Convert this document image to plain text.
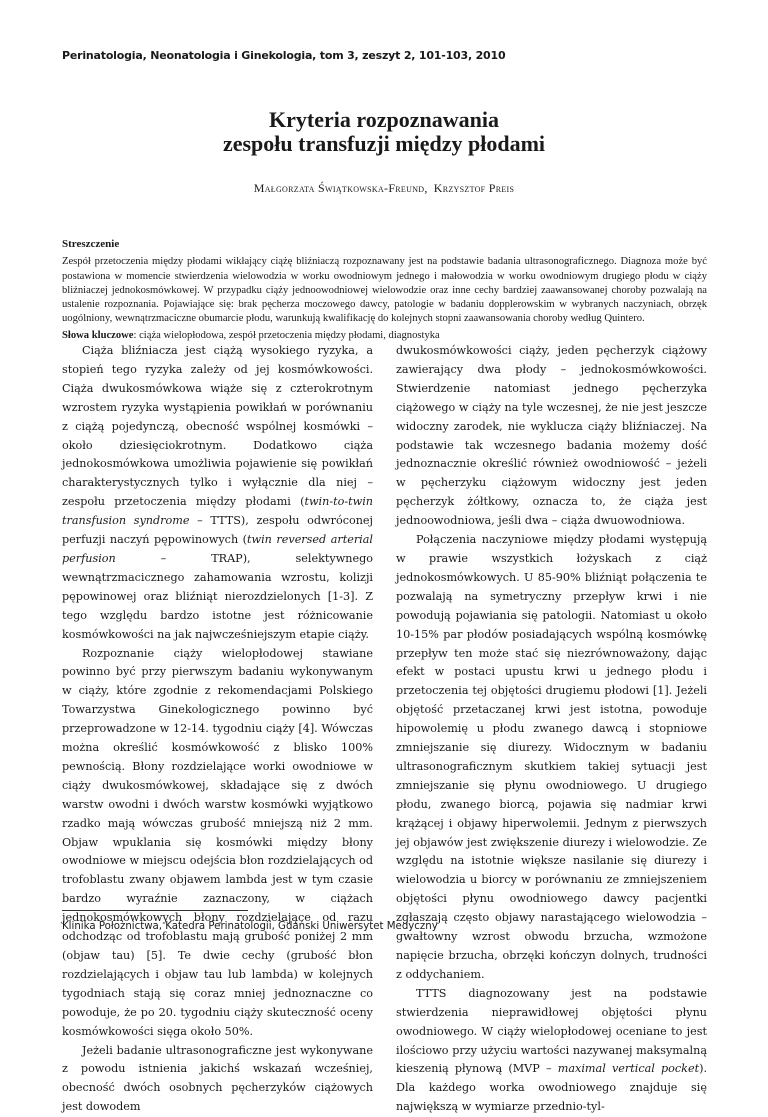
Perinatologia, Neonatologia i Ginekologia, tom 3, zeszyt 2, 101-103, 2010
Kryteria rozpoznawania
zespołu transfuzji między płodami
Małgorzata Świątkowska-Freund, Krzysztof Preis
Streszczenie

Zespół przetoczenia między płodami wikłający ciążę bliźniaczą rozpoznawany jest na podstawie badania ultrasonograficznego. Diagnoza może być postawiona w momencie stwierdzenia wielowodzia w worku owodniowym jednego i małowodzia w worku owodniowym drugiego płodu w ciąży bliźniaczej jednokosmówkowej. W przypadku ciąży jednoowodniowej wielowodzie oraz inne cechy bardziej zaawansowanej choroby pozwalają na ustalenie rozpoznania. Pojawiające się: brak pęcherza moczowego dawcy, patologie w badaniu dopplerowskim w wybranych naczyniach, obrzęk uogólniony, wewnątrzmaciczne obumarcie płodu, warunkują kwalifikację do kolejnych stopni zaawansowania choroby według Quintero.

Słowa kluczowe: ciąża wielopłodowa, zespół przetoczenia między płodami, diagnostyka

Ciąża bliźniacza jest ciążą wysokiego ryzyka, a stopień tego ryzyka zależy od jej kosmówkowości. Ciąża dwukosmówkowa wiąże się z czterokrotnym wzrostem ryzyka wystąpienia powikłań w porównaniu z ciążą pojedynczą, obecność wspólnej kosmówki – około dziesięciokrotnym. Dodatkowo ciąża jednokosmówkowa umożliwia pojawienie się powikłań charakterystycznych tylko i wyłącznie dla niej – zespołu przetoczenia między płodami (twin-to-twin transfusion syndrome – TTTS), zespołu odwróconej perfuzji naczyń pępowinowych (twin reversed arterial perfusion – TRAP), selektywnego wewnątrzmacicznego zahamowania wzrostu, kolizji pępowinowej oraz bliźniąt nierozdzielonych [1-3]. Z tego względu bardzo istotne jest różnicowanie kosmówkowości na jak najwcześniejszym etapie ciąży.

Rozpoznanie ciąży wielopłodowej stawiane powinno być przy pierwszym badaniu wykonywanym w ciąży, które zgodnie z rekomendacjami Polskiego Towarzystwa Ginekologicznego powinno być przeprowadzone w 12-14. tygodniu ciąży [4]. Wówczas można określić kosmówkowość z blisko 100% pewnością. Błony rozdzielające worki owodniowe w ciąży dwukosmówkowej, składające się z dwóch warstw owodni i dwóch warstw kosmówki wyjątkowo rzadko mają wówczas grubość mniejszą niż 2 mm. Objaw wpuklania się kosmówki między błony owodniowe w miejscu odejścia błon rozdzielających od trofoblastu zwany objawem lambda jest w tym czasie bardzo wyraźnie zaznaczony, w ciążach jednokosmówkowych błony rozdzielające od razu odchodząc od trofoblastu mają grubość poniżej 2 mm (objaw tau) [5]. Te dwie cechy (grubość błon rozdzielających i objaw tau lub lambda) w kolejnych tygodniach stają się coraz mniej jednoznaczne co powoduje, że po 20. tygodniu ciąży skuteczność oceny kosmówkowości sięga około 50%.

Jeżeli badanie ultrasonograficzne jest wykonywane z powodu istnienia jakichś wskazań wcześniej, obecność dwóch osobnych pęcherzyków ciążowych jest dowodem

dwukosmówkowości ciąży, jeden pęcherzyk ciążowy zawierający dwa płody – jednokosmówkowości. Stwierdzenie natomiast jednego pęcherzyka ciążowego w ciąży na tyle wczesnej, że nie jest jeszcze widoczny zarodek, nie wyklucza ciąży bliźniaczej. Na podstawie tak wczesnego badania możemy dość jednoznacznie określić również owodniowość – jeżeli w pęcherzyku ciążowym widoczny jest jeden pęcherzyk żółtkowy, oznacza to, że ciąża jest jednoowodniowa, jeśli dwa – ciąża dwuowodniowa.

Połączenia naczyniowe między płodami występują w prawie wszystkich łożyskach z ciąż jednokosmówkowych. U 85-90% bliźniąt połączenia te pozwalają na symetryczny przepływ krwi i nie powodują pojawiania się patologii. Natomiast u około 10-15% par płodów posiadających wspólną kosmówkę przepływ ten może stać się niezrównoważony, dając efekt w postaci upustu krwi u jednego płodu i przetoczenia tej objętości drugiemu płodowi [1]. Jeżeli objętość przetaczanej krwi jest istotna, powoduje hipowolemię u płodu zwanego dawcą i stopniowe zmniejszanie się diurezy. Widocznym w badaniu ultrasonograficznym skutkiem takiej sytuacji jest zmniejszanie się płynu owodniowego. U drugiego płodu, zwanego biorcą, pojawia się nadmiar krwi krążącej i objawy hiperwolemii. Jednym z pierwszych jej objawów jest zwiększenie diurezy i wielowodzie. Ze względu na istotnie większe nasilanie się diurezy i wielowodzia u biorcy w porównaniu ze zmniejszeniem objętości płynu owodniowego dawcy pacjentki zgłaszają często objawy narastającego wielowodzia – gwałtowny wzrost obwodu brzucha, wzmożone napięcie brzucha, obrzęki kończyn dolnych, trudności z oddychaniem.

TTTS diagnozowany jest na podstawie stwierdzenia nieprawidłowej objętości płynu owodniowego. W ciąży wielopłodowej oceniane to jest ilościowo przy użyciu wartości nazywanej maksymalną kieszenią płynową (MVP – maximal vertical pocket). Dla każdego worka owodniowego znajduje się największą w wymiarze przednio-tyl-

Klinika Położnictwa, Katedra Perinatologii, Gdański Uniwersytet Medyczny
